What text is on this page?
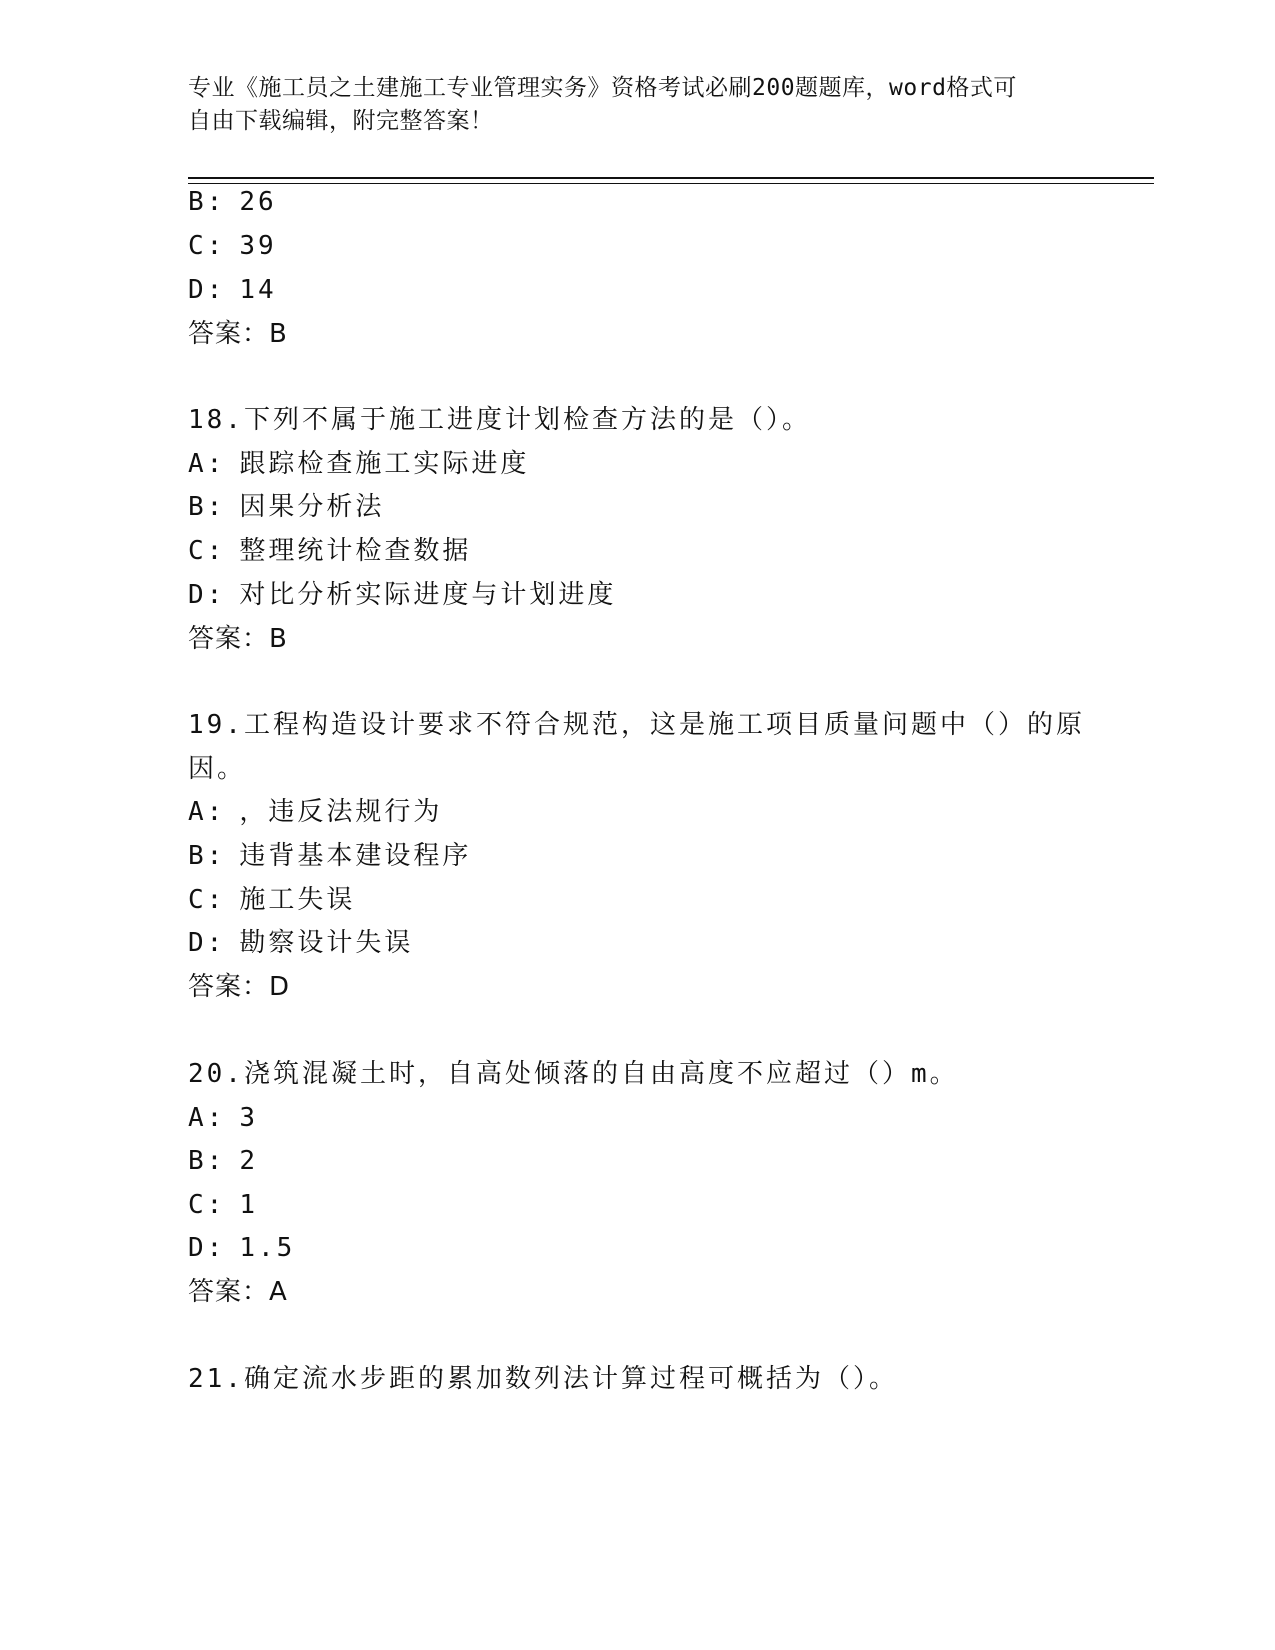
专业《施工员之土建施工专业管理实务》资格考试必刷200题题库，word格式可
自由下载编辑，附完整答案！
B: 26
C: 39
D: 14
答案：B
18.下列不属于施工进度计划检查方法的是（）。
A: 跟踪检查施工实际进度
B: 因果分析法
C: 整理统计检查数据
D: 对比分析实际进度与计划进度
答案：B
19.工程构造设计要求不符合规范，这是施工项目质量问题中（）的原
因。
A: ，违反法规行为
B: 违背基本建设程序
C: 施工失误
D: 勘察设计失误
答案：D
20.浇筑混凝土时，自高处倾落的自由高度不应超过（）m。
A: 3
B: 2
C: 1
D: 1.5
答案：A
21.确定流水步距的累加数列法计算过程可概括为（）。
